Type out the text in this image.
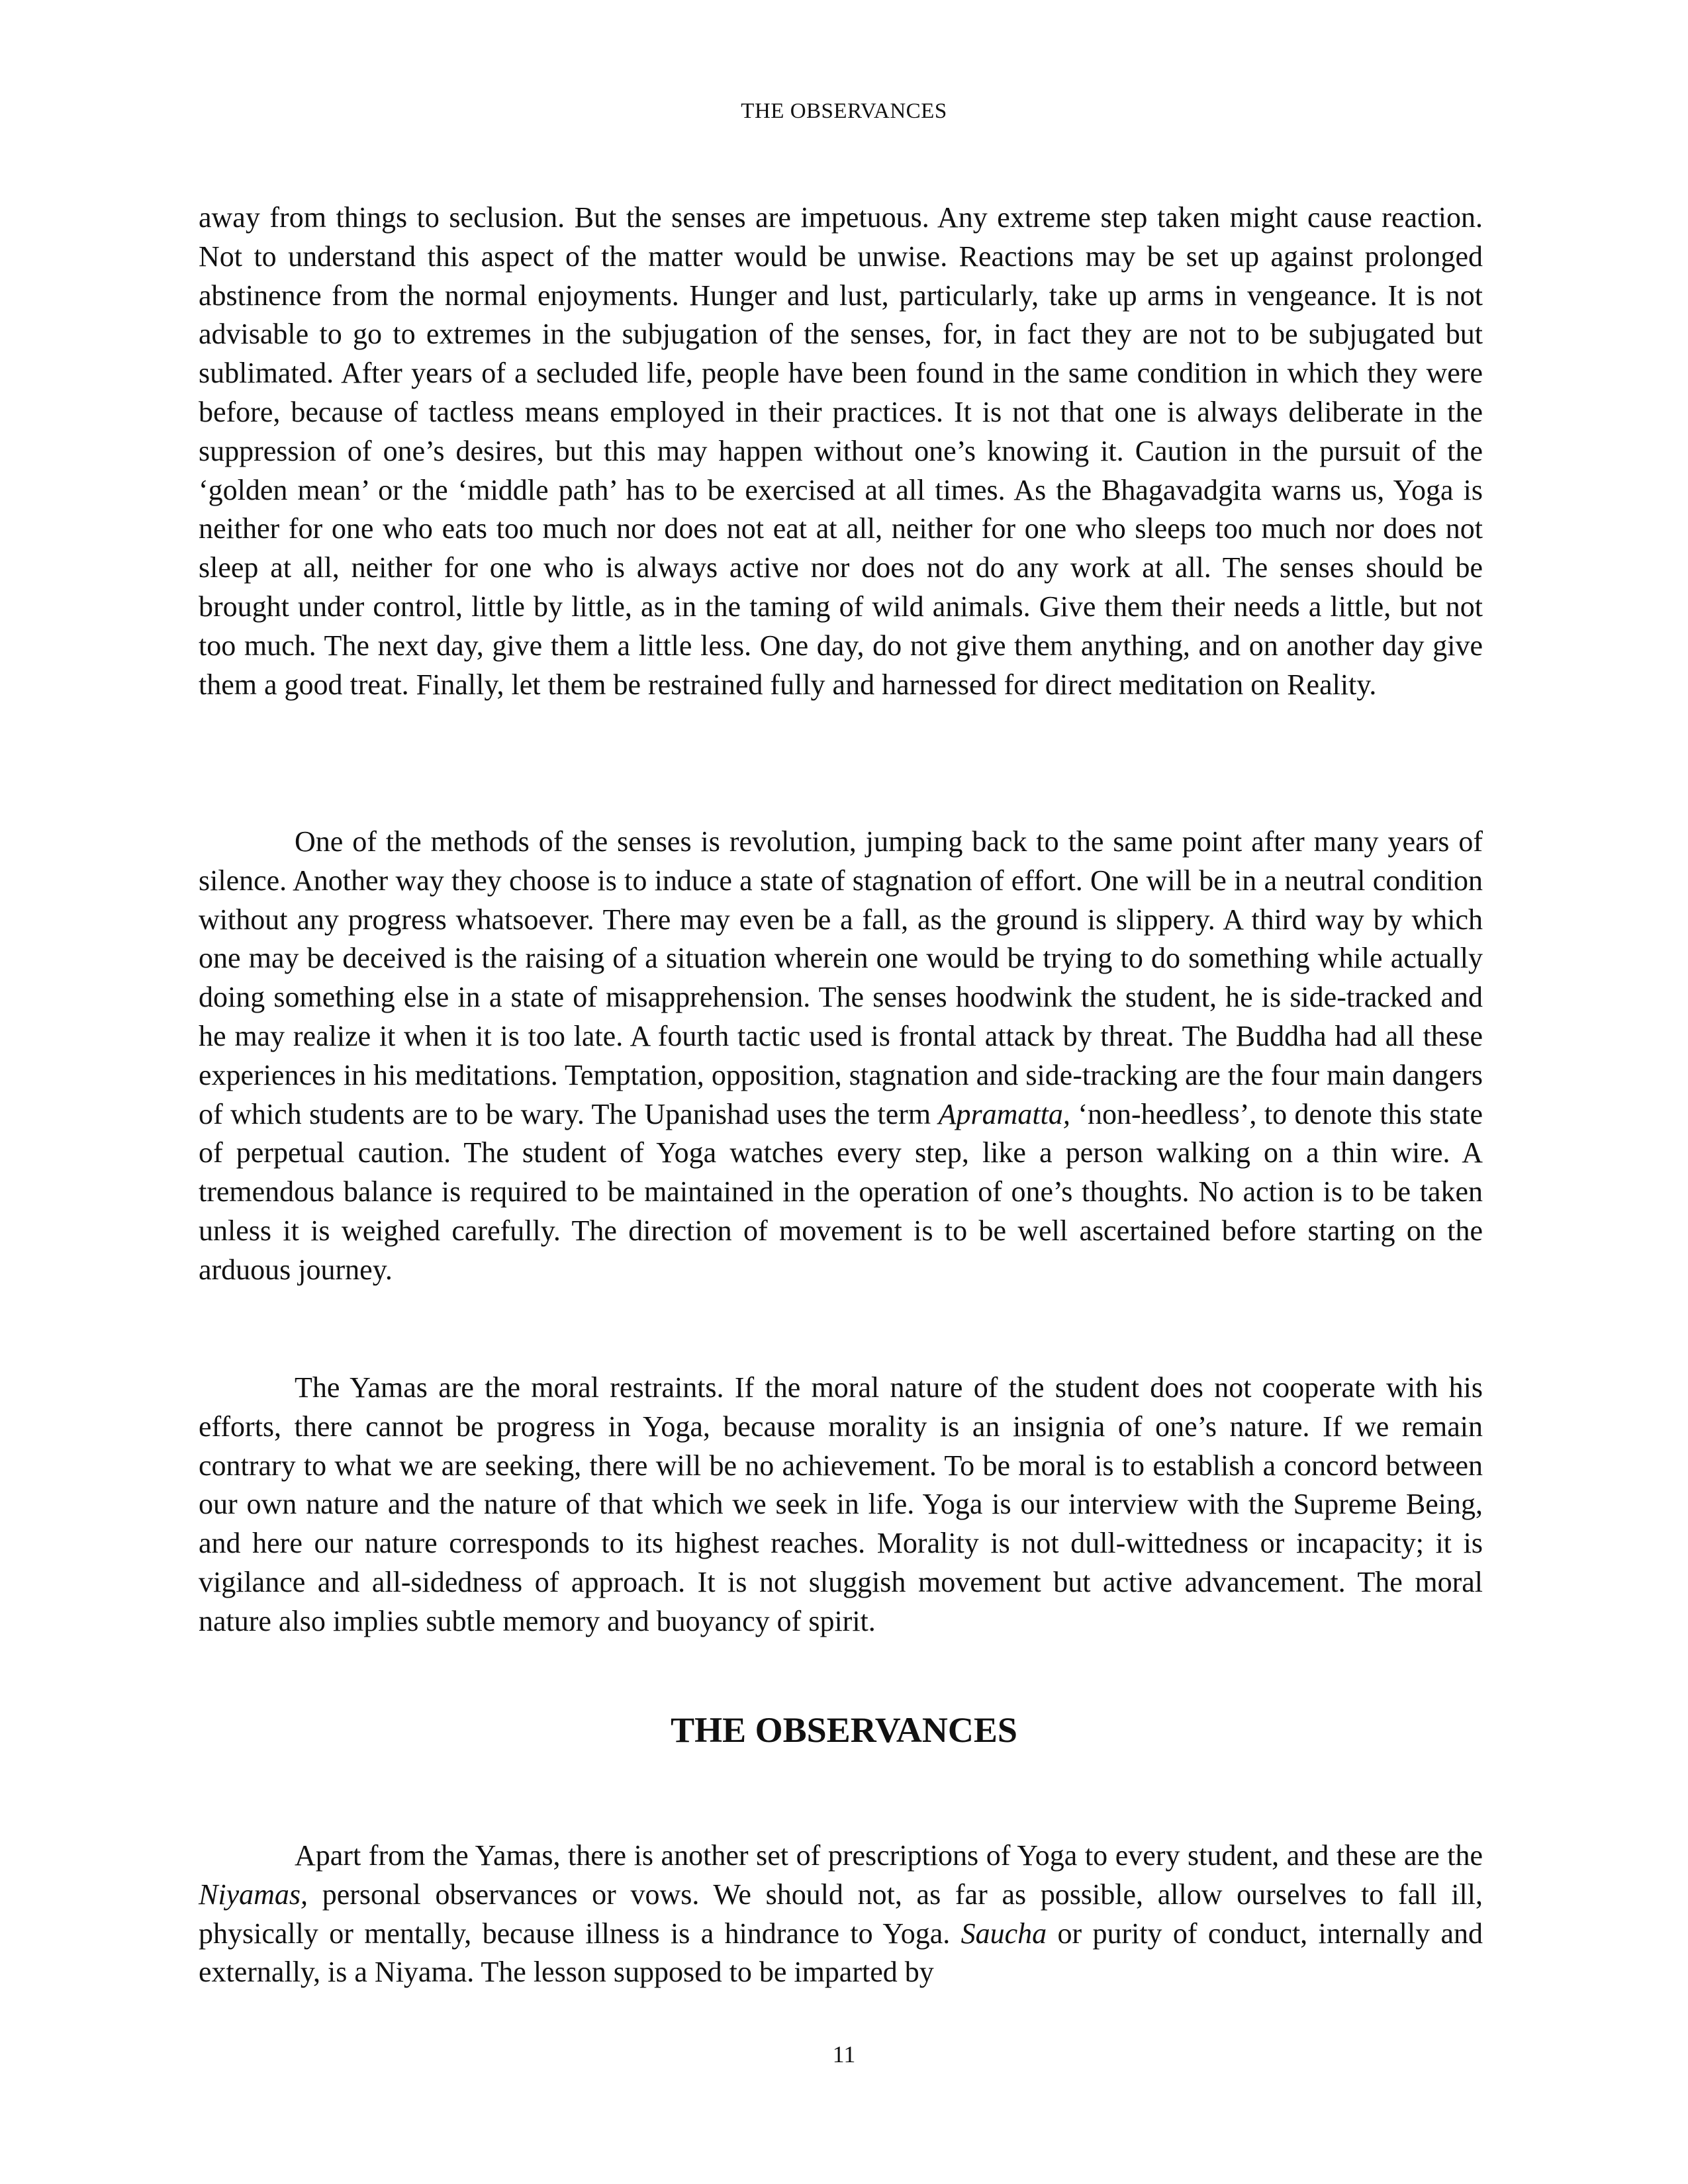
THE OBSERVANCES

away from things to seclusion. But the senses are impetuous. Any extreme step taken might cause reaction. Not to understand this aspect of the matter would be unwise. Reactions may be set up against prolonged abstinence from the normal enjoyments. Hunger and lust, particularly, take up arms in vengeance. It is not advisable to go to extremes in the subjugation of the senses, for, in fact they are not to be subjugated but sublimated. After years of a secluded life, people have been found in the same condition in which they were before, because of tactless means employed in their practices. It is not that one is always deliberate in the suppression of one’s desires, but this may happen without one’s knowing it. Caution in the pursuit of the ‘golden mean’ or the ‘middle path’ has to be exercised at all times. As the Bhagavadgita warns us, Yoga is neither for one who eats too much nor does not eat at all, neither for one who sleeps too much nor does not sleep at all, neither for one who is always active nor does not do any work at all. The senses should be brought under control, little by little, as in the taming of wild animals. Give them their needs a little, but not too much. The next day, give them a little less. One day, do not give them anything, and on another day give them a good treat. Finally, let them be restrained fully and harnessed for direct meditation on Reality.

One of the methods of the senses is revolution, jumping back to the same point after many years of silence. Another way they choose is to induce a state of stagnation of effort. One will be in a neutral condition without any progress whatsoever. There may even be a fall, as the ground is slippery. A third way by which one may be deceived is the raising of a situation wherein one would be trying to do something while actually doing something else in a state of misapprehension. The senses hoodwink the student, he is side-tracked and he may realize it when it is too late. A fourth tactic used is frontal attack by threat. The Buddha had all these experiences in his meditations. Temptation, opposition, stagnation and side-tracking are the four main dangers of which students are to be wary. The Upanishad uses the term Apramatta, ‘non-heedless’, to denote this state of perpetual caution. The student of Yoga watches every step, like a person walking on a thin wire. A tremendous balance is required to be maintained in the operation of one’s thoughts. No action is to be taken unless it is weighed carefully. The direction of movement is to be well ascertained before starting on the arduous journey.

The Yamas are the moral restraints. If the moral nature of the student does not cooperate with his efforts, there cannot be progress in Yoga, because morality is an insignia of one’s nature. If we remain contrary to what we are seeking, there will be no achievement. To be moral is to establish a concord between our own nature and the nature of that which we seek in life. Yoga is our interview with the Supreme Being, and here our nature corresponds to its highest reaches. Morality is not dull-wittedness or incapacity; it is vigilance and all-sidedness of approach. It is not sluggish movement but active advancement. The moral nature also implies subtle memory and buoyancy of spirit.

THE OBSERVANCES

Apart from the Yamas, there is another set of prescriptions of Yoga to every student, and these are the Niyamas, personal observances or vows. We should not, as far as possible, allow ourselves to fall ill, physically or mentally, because illness is a hindrance to Yoga. Saucha or purity of conduct, internally and externally, is a Niyama. The lesson supposed to be imparted by

11
